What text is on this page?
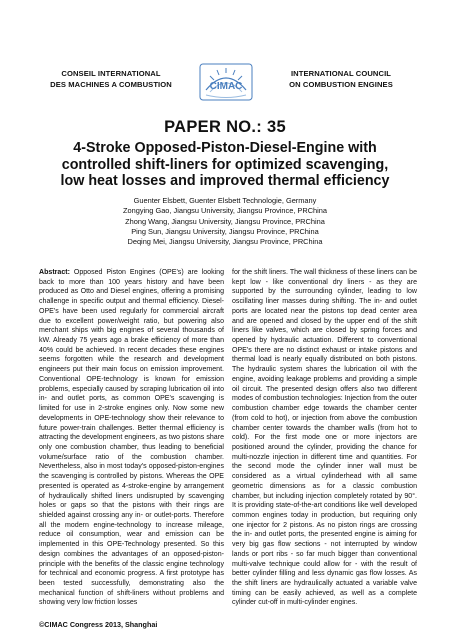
CONSEIL INTERNATIONAL
DES MACHINES A COMBUSTION	CIMAC
INTERNATIONAL COUNCIL
ON COMBUSTION ENGINES
PAPER NO.: 35
4-Stroke Opposed-Piston-Diesel-Engine with
controlled shift-liners for optimized scavenging,
low heat losses and improved thermal efficiency
Guenter Elsbett, Guenter Elsbett Technologie, Germany
Zongying Gao, Jiangsu University, Jiangsu Province, PRChina
Zhong Wang, Jiangsu University, Jiangsu Province, PRChina
Ping Sun, Jiangsu University, Jiangsu Province, PRChina
Deqing Mei, Jiangsu University, Jiangsu Province, PRChina
Abstract: Opposed Piston Engines (OPE's) are looking back to more than 100 years history and have been produced as Otto and Diesel engines, offering a promising challenge in specific output and thermal efficiency. Diesel-OPE's have been used regularly for commercial aircraft due to excellent power/weight ratio, but powering also merchant ships with big engines of several thousands of kW. Already 75 years ago a brake efficiency of more than 40% could be achieved. In recent decades these engines seems forgotten while the research and development engineers put their main focus on emission improvement. Conventional OPE-technology is known for emission problems, especially caused by scraping lubrication oil into in- and outlet ports, as common OPE's scavenging is limited for use in 2-stroke engines only. Now some new developments in OPE-technology show their relevance to future power-train challenges. Better thermal efficiency is attracting the development engineers, as two pistons share only one combustion chamber, thus leading to beneficial volume/surface ratio of the combustion chamber. Nevertheless, also in most today's opposed-piston-engines the scavenging is controlled by pistons. Whereas the OPE presented is operated as 4-stroke-engine by arrangement of hydraulically shifted liners undisrupted by scavenging holes or gaps so that the pistons with their rings are shielded against crossing any in- or outlet-ports. Therefore all the modern engine-technology to increase mileage, reduce oil consumption, wear and emission can be implemented in this OPE-Technology presented. So this design combines the advantages of an opposed-piston-principle with the benefits of the classic engine technology for technical and economic progress. A first prototype has been tested successfully, demonstrating also the mechanical function of shift-liners without problems and showing very low friction losses
for the shift liners. The wall thickness of these liners can be kept low - like conventional dry liners - as they are supported by the surrounding cylinder, leading to low oscillating liner masses during shifting. The in- and outlet ports are located near the pistons top dead center area and are opened and closed by the upper end of the shift liners like valves, which are closed by spring forces and opened by hydraulic actuation. Different to conventional OPE's there are no distinct exhaust or intake pistons and thermal load is nearly equally distributed on both pistons. The hydraulic system shares the lubrication oil with the engine, avoiding leakage problems and providing a simple oil circuit. The presented design offers also two different modes of combustion technologies: Injection from the outer combustion chamber edge towards the chamber center (from cold to hot), or injection from above the combustion chamber center towards the chamber walls (from hot to cold). For the first mode one or more injectors are positioned around the cylinder, providing the chance for multi-nozzle injection in different time and quantities. For the second mode the cylinder inner wall must be considered as a virtual cylinderhead with all same geometric dimensions as for a classic combustion chamber, but including injection completely rotated by 90°. It is providing state-of-the-art conditions like well developed common engines today in production, but requiring only one injector for 2 pistons. As no piston rings are crossing the in- and outlet ports, the presented engine is aiming for very big gas flow sections - not interrupted by window lands or port ribs - so far much bigger than conventional multi-valve technique could allow for - with the result of better cylinder filling and less dynamic gas flow losses. As the shift liners are hydraulically actuated a variable valve timing can be easily achieved, as well as a complete cylinder cut-off in multi-cylinder engines.
©CIMAC Congress 2013, Shanghai
